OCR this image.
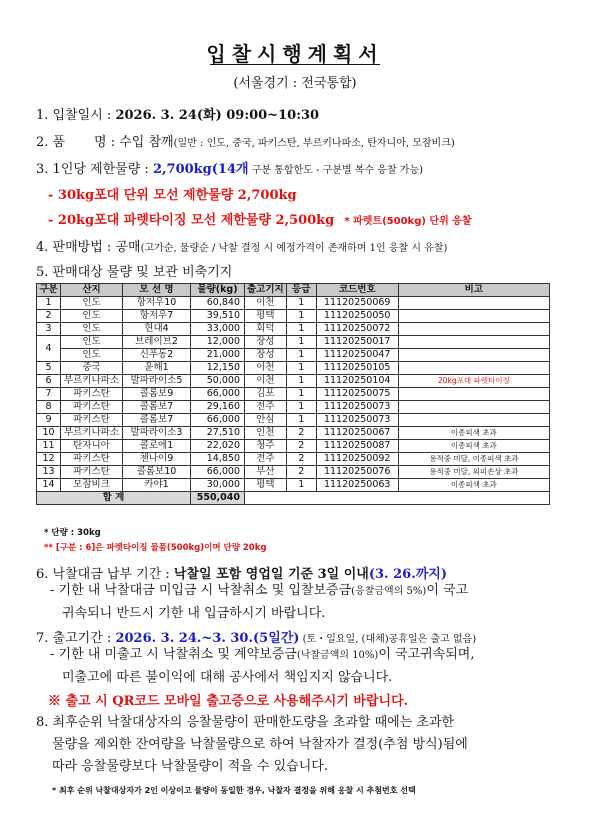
입찰시행계획서
(서울경기 : 전국통합)
1. 입찰일시 : 2026. 3. 24(화) 09:00~10:30
2. 품       명 : 수입 참깨(일반 : 인도, 중국, 파키스탄, 부르키나파소, 탄자니아, 모잠비크)
3. 1인당 제한물량 : 2,700kg(14개 구분 통합한도 - 구분별 복수 응찰 가능)
- 30kg포대 단위 모선 제한물량 2,700kg
- 20kg포대 파렛타이징 모선 제한물량 2,500kg * 파렛트(500kg) 단위 응찰
4. 판매방법 : 공매(고가순, 물량순 / 낙찰 결정 시 예정가격이 존재하며 1인 응찰 시 유찰)
5. 판매대상 물량 및 보관 비축기지
구분	산지	모 선 명	물량(kg)	출고기지	등급	코드번호	비고
1	인도	항저우10	60,840	이천	1	11120250069	
2	인도	항저우7	39,510	평택	1	11120250050	
3	인도	현대4	33,000	회덕	1	11120250072	
4	인도	브레이브2	12,000	장성	1	11120250017	
	인도	신푸동2	21,000	장성	1	11120250047	
5	중국	윤해1	12,150	이천	1	11120250105	
6	부르키나파소	발파라이소5	50,000	이천	1	11120250104	20kg포대 파렛타이징
7	파키스탄	콜롬보9	66,000	김포	1	11120250075	
8	파키스탄	콜롬보7	29,160	전주	1	11120250073	
9	파키스탄	콜롬보7	66,000	안심	1	11120250073	
10	부르키나파소	발파라이소3	27,510	인천	2	11120250067	이종피색 초과
11	탄자니아	콜로에1	22,020	청주	2	11120250087	이종피색 초과
12	파키스탄	첸나이9	14,850	전주	2	11120250092	용적중 미달, 이종피색 초과
13	파키스탄	콜롬보10	66,000	부산	2	11120250076	용적중 미달, 외피손상 초과
14	모잠비크	카야1	30,000	평택	1	11120250063	이종피색 초과
합 계			550,040				
* 단량 : 30kg
** [구분 : 6]은 파렛타이징 물품(500kg)이며 단량 20kg
6. 낙찰대금 납부 기간 : 낙찰일 포함 영업일 기준 3일 이내(3. 26.까지)
- 기한 내 낙찰대금 미입금 시 낙찰취소 및 입찰보증금(응찰금액의 5%)이 국고
귀속되니 반드시 기한 내 입금하시기 바랍니다.
7. 출고기간 : 2026. 3. 24.~3. 30.(5일간) (토・일요일, (대체)공휴일은 출고 없음)
- 기한 내 미출고 시 낙찰취소 및 계약보증금(낙찰금액의 10%)이 국고귀속되며,
미출고에 따른 불이익에 대해 공사에서 책임지지 않습니다.
※ 출고 시 QR코드 모바일 출고증으로 사용해주시기 바랍니다.
8. 최후순위 낙찰대상자의 응찰물량이 판매한도량을 초과할 때에는 초과한
물량을 제외한 잔여량을 낙찰물량으로 하여 낙찰자가 결정(추첨 방식)됨에
따라 응찰물량보다 낙찰물량이 적을 수 있습니다.
* 최후 순위 낙찰대상자가 2인 이상이고 물량이 동일한 경우, 낙찰자 결정을 위해 응찰 시 추첨번호 선택
